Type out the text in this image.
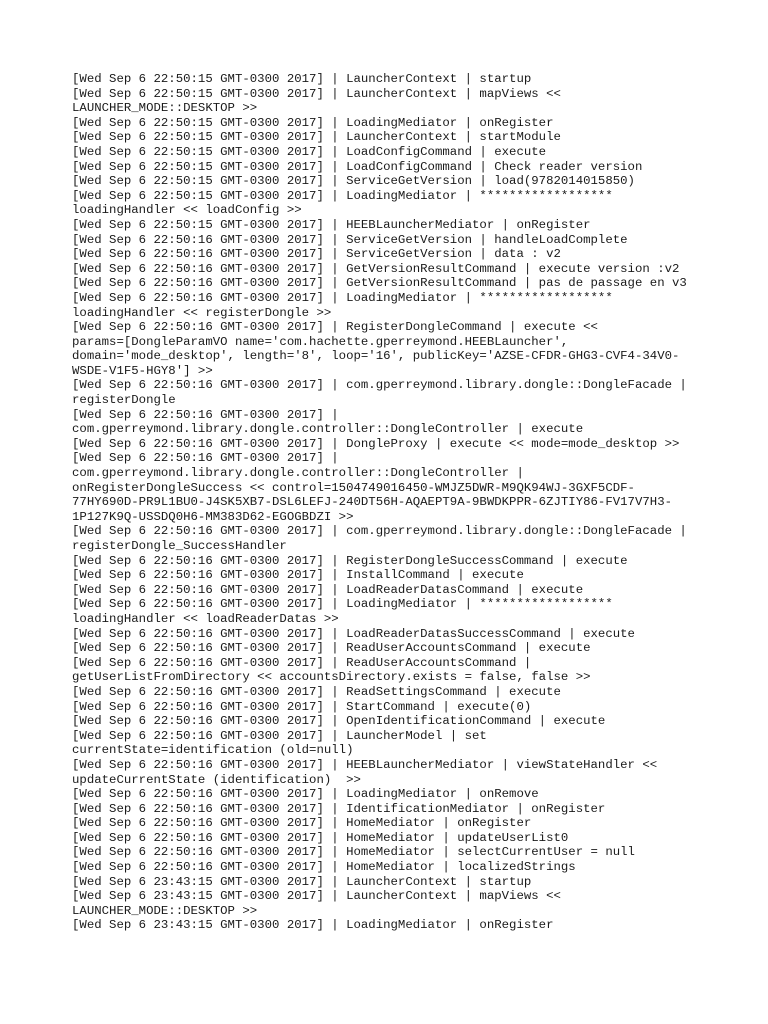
[Wed Sep 6 22:50:15 GMT-0300 2017] | LauncherContext | startup
[Wed Sep 6 22:50:15 GMT-0300 2017] | LauncherContext | mapViews <<
LAUNCHER_MODE::DESKTOP >>
[Wed Sep 6 22:50:15 GMT-0300 2017] | LoadingMediator | onRegister
[Wed Sep 6 22:50:15 GMT-0300 2017] | LauncherContext | startModule
[Wed Sep 6 22:50:15 GMT-0300 2017] | LoadConfigCommand | execute
[Wed Sep 6 22:50:15 GMT-0300 2017] | LoadConfigCommand | Check reader version
[Wed Sep 6 22:50:15 GMT-0300 2017] | ServiceGetVersion | load(9782014015850)
[Wed Sep 6 22:50:15 GMT-0300 2017] | LoadingMediator | ******************
loadingHandler << loadConfig >>
[Wed Sep 6 22:50:15 GMT-0300 2017] | HEEBLauncherMediator | onRegister
[Wed Sep 6 22:50:16 GMT-0300 2017] | ServiceGetVersion | handleLoadComplete
[Wed Sep 6 22:50:16 GMT-0300 2017] | ServiceGetVersion | data : v2
[Wed Sep 6 22:50:16 GMT-0300 2017] | GetVersionResultCommand | execute version :v2
[Wed Sep 6 22:50:16 GMT-0300 2017] | GetVersionResultCommand | pas de passage en v3
[Wed Sep 6 22:50:16 GMT-0300 2017] | LoadingMediator | ******************
loadingHandler << registerDongle >>
[Wed Sep 6 22:50:16 GMT-0300 2017] | RegisterDongleCommand | execute <<
params=[DongleParamVO name='com.hachette.gperreymond.HEEBLauncher',
domain='mode_desktop', length='8', loop='16', publicKey='AZSE-CFDR-GHG3-CVF4-34V0-
WSDE-V1F5-HGY8'] >>
[Wed Sep 6 22:50:16 GMT-0300 2017] | com.gperreymond.library.dongle::DongleFacade |
registerDongle
[Wed Sep 6 22:50:16 GMT-0300 2017] |
com.gperreymond.library.dongle.controller::DongleController | execute
[Wed Sep 6 22:50:16 GMT-0300 2017] | DongleProxy | execute << mode=mode_desktop >>
[Wed Sep 6 22:50:16 GMT-0300 2017] |
com.gperreymond.library.dongle.controller::DongleController |
onRegisterDongleSuccess << control=1504749016450-WMJZ5DWR-M9QK94WJ-3GXF5CDF-
77HY690D-PR9L1BU0-J4SK5XB7-DSL6LEFJ-240DT56H-AQAEPT9A-9BWDKPPR-6ZJTIY86-FV17V7H3-
1P127K9Q-USSDQ0H6-MM383D62-EGOGBDZI >>
[Wed Sep 6 22:50:16 GMT-0300 2017] | com.gperreymond.library.dongle::DongleFacade |
registerDongle_SuccessHandler
[Wed Sep 6 22:50:16 GMT-0300 2017] | RegisterDongleSuccessCommand | execute
[Wed Sep 6 22:50:16 GMT-0300 2017] | InstallCommand | execute
[Wed Sep 6 22:50:16 GMT-0300 2017] | LoadReaderDatasCommand | execute
[Wed Sep 6 22:50:16 GMT-0300 2017] | LoadingMediator | ******************
loadingHandler << loadReaderDatas >>
[Wed Sep 6 22:50:16 GMT-0300 2017] | LoadReaderDatasSuccessCommand | execute
[Wed Sep 6 22:50:16 GMT-0300 2017] | ReadUserAccountsCommand | execute
[Wed Sep 6 22:50:16 GMT-0300 2017] | ReadUserAccountsCommand |
getUserListFromDirectory << accountsDirectory.exists = false, false >>
[Wed Sep 6 22:50:16 GMT-0300 2017] | ReadSettingsCommand | execute
[Wed Sep 6 22:50:16 GMT-0300 2017] | StartCommand | execute(0)
[Wed Sep 6 22:50:16 GMT-0300 2017] | OpenIdentificationCommand | execute
[Wed Sep 6 22:50:16 GMT-0300 2017] | LauncherModel | set
currentState=identification (old=null)
[Wed Sep 6 22:50:16 GMT-0300 2017] | HEEBLauncherMediator | viewStateHandler <<
updateCurrentState (identification)  >>
[Wed Sep 6 22:50:16 GMT-0300 2017] | LoadingMediator | onRemove
[Wed Sep 6 22:50:16 GMT-0300 2017] | IdentificationMediator | onRegister
[Wed Sep 6 22:50:16 GMT-0300 2017] | HomeMediator | onRegister
[Wed Sep 6 22:50:16 GMT-0300 2017] | HomeMediator | updateUserList0
[Wed Sep 6 22:50:16 GMT-0300 2017] | HomeMediator | selectCurrentUser = null
[Wed Sep 6 22:50:16 GMT-0300 2017] | HomeMediator | localizedStrings
[Wed Sep 6 23:43:15 GMT-0300 2017] | LauncherContext | startup
[Wed Sep 6 23:43:15 GMT-0300 2017] | LauncherContext | mapViews <<
LAUNCHER_MODE::DESKTOP >>
[Wed Sep 6 23:43:15 GMT-0300 2017] | LoadingMediator | onRegister
